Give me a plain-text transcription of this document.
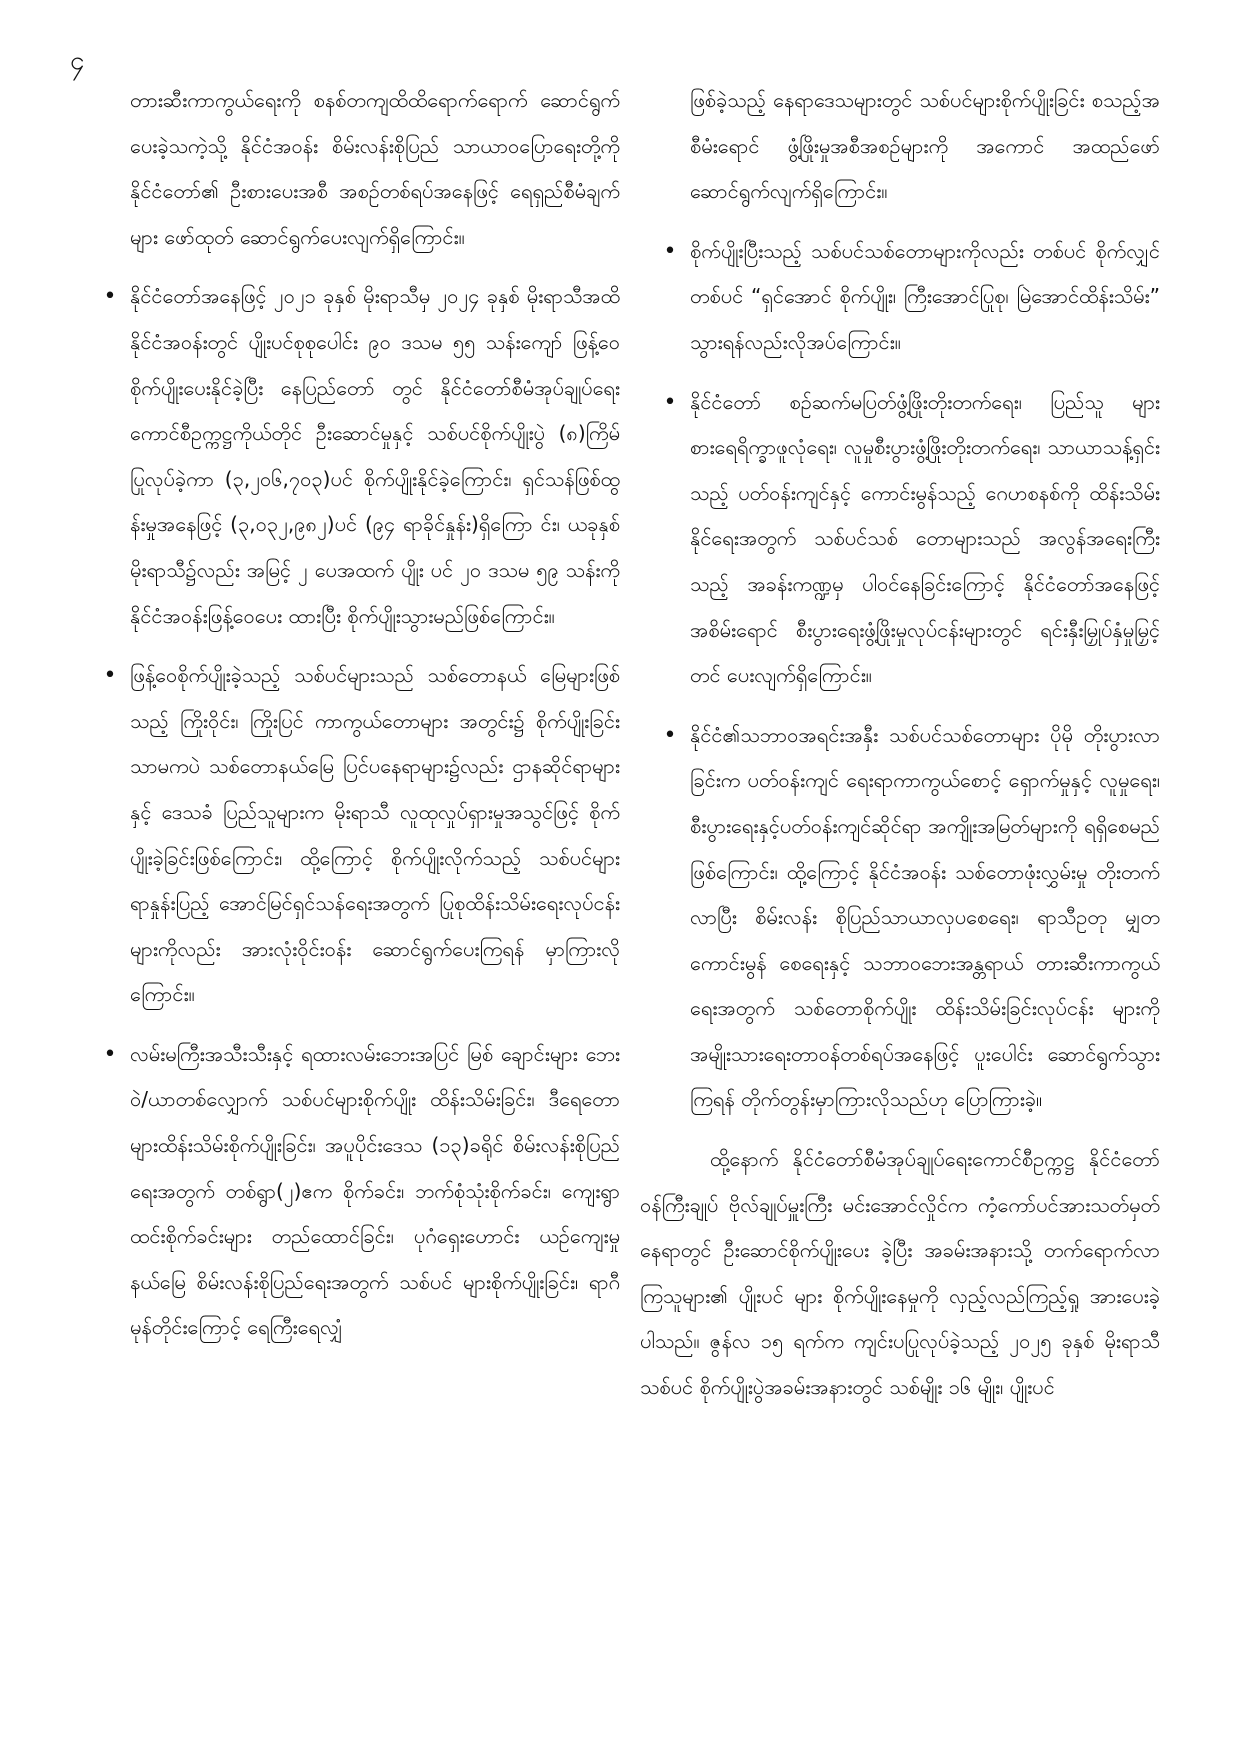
၄

တားဆီးကာကွယ်ရေးကို စနစ်တကျထိထိရောက်ရောက် ဆောင်ရွက်ပေးခဲ့သကဲ့သို့ နိုင်ငံအဝန်း စိမ်းလန်းစိုပြည် သာယာဝပြောရေးတို့ကို နိုင်ငံတော်၏ ဦးစားပေးအစီ အစဉ်တစ်ရပ်အနေဖြင့် ရေရှည်စီမံချက်များ ဖော်ထုတ် ဆောင်ရွက်ပေးလျက်ရှိကြောင်း။

• နိုင်ငံတော်အနေဖြင့် ၂၀၂၁ ခုနှစ် မိုးရာသီမှ ၂၀၂၄ ခုနှစ် မိုးရာသီအထိ နိုင်ငံအဝန်းတွင် ပျိုးပင်စုစုပေါင်း ၉၀ ဒသမ ၅၅ သန်းကျော် ဖြန့်ဝေစိုက်ပျိုးပေးနိုင်ခဲ့ပြီး နေပြည်တော် တွင် နိုင်ငံတော်စီမံအုပ်ချုပ်ရေးကောင်စီဥက္ကဋ္ဌကိုယ်တိုင် ဦးဆောင်မှုနှင့် သစ်ပင်စိုက်ပျိုးပွဲ (၈)ကြိမ် ပြုလုပ်ခဲ့ကာ (၃,၂၀၆,၇၀၃)ပင် စိုက်ပျိုးနိုင်ခဲ့ကြောင်း၊ ရှင်သန်ဖြစ်ထွ န်းမှုအနေဖြင့် (၃,၀၃၂,၉၈၂)ပင် (၉၄ ရာခိုင်နှုန်း)ရှိကြော င်း၊ ယခုနှစ်မိုးရာသီ၌လည်း အမြင့် ၂ ပေအထက် ပျိုး ပင် ၂၀ ဒသမ ၅၉ သန်းကို နိုင်ငံအဝန်းဖြန့်ဝေပေး ထားပြီး စိုက်ပျိုးသွားမည်ဖြစ်ကြောင်း။

• ဖြန့်ဝေစိုက်ပျိုးခဲ့သည့် သစ်ပင်များသည် သစ်တောနယ် မြေများဖြစ်သည့် ကြိုးဝိုင်း၊ ကြိုးပြင် ကာကွယ်တောများ အတွင်း၌ စိုက်ပျိုးခြင်းသာမကပဲ သစ်တောနယ်မြေ ပြင်ပနေရာများ၌လည်း ဌာနဆိုင်ရာများနှင့် ဒေသခံ ပြည်သူများက မိုးရာသီ လူထုလှုပ်ရှားမှုအသွင်ဖြင့် စိုက် ပျိုးခဲ့ခြင်းဖြစ်ကြောင်း၊ ထို့ကြောင့် စိုက်ပျိုးလိုက်သည့် သစ်ပင်များ ရာနှုန်းပြည့် အောင်မြင်ရှင်သန်ရေးအတွက် ပြုစုထိန်းသိမ်းရေးလုပ်ငန်းများကိုလည်း အားလုံးဝိုင်းဝန်း ဆောင်ရွက်ပေးကြရန် မှာကြားလိုကြောင်း။

• လမ်းမကြီးအသီးသီးနှင့် ရထားလမ်းဘေးအပြင် မြစ် ချောင်းများ ဘေးဝဲ/ယာတစ်လျှောက် သစ်ပင်များစိုက်ပျိုး ထိန်းသိမ်းခြင်း၊ ဒီရေတောများထိန်းသိမ်းစိုက်ပျိုးခြင်း၊ အပူပိုင်းဒေသ (၁၃)ခရိုင် စိမ်းလန်းစိုပြည်ရေးအတွက် တစ်ရွာ(၂)ဧက စိုက်ခင်း၊ ဘက်စုံသုံးစိုက်ခင်း၊ ကျေးရွာ ထင်းစိုက်ခင်းများ တည်ထောင်ခြင်း၊ ပုဂံရှေးဟောင်း ယဉ်ကျေးမှုနယ်မြေ စိမ်းလန်းစိုပြည်ရေးအတွက် သစ်ပင် များစိုက်ပျိုးခြင်း၊ ရာဂီမုန်တိုင်းကြောင့် ရေကြီးရေလျှံ

ဖြစ်ခဲ့သည့် နေရာဒေသများတွင် သစ်ပင်များစိုက်ပျိုးခြင်း စသည့်အစီမံးရောင် ဖွံ့ဖြိုးမှုအစီအစဉ်များကို အကောင် အထည်ဖော် ဆောင်ရွက်လျက်ရှိကြောင်း။

• စိုက်ပျိုးပြီးသည့် သစ်ပင်သစ်တောများကိုလည်း တစ်ပင် စိုက်လျှင် တစ်ပင် “ရှင်အောင် စိုက်ပျိုး၊ ကြီးအောင်ပြုစု၊ မြဲအောင်ထိန်းသိမ်း” သွားရန်လည်းလိုအပ်ကြောင်း။

• နိုင်ငံတော် စဉ်ဆက်မပြတ်ဖွံ့ဖြိုးတိုးတက်ရေး၊ ပြည်သူ များစားရေရိက္ခာဖူလုံရေး၊ လူမှုစီးပွားဖွံ့ဖြိုးတိုးတက်ရေး၊ သာယာသန့်ရှင်းသည့် ပတ်ဝန်းကျင်နှင့် ကောင်းမွန်သည့် ဂေဟစနစ်ကို ထိန်းသိမ်းနိုင်ရေးအတွက် သစ်ပင်သစ် တောများသည် အလွန်အရေးကြီးသည့် အခန်းကဏ္ဍမှ ပါဝင်နေခြင်းကြောင့် နိုင်ငံတော်အနေဖြင့် အစိမ်းရောင် စီးပွားရေးဖွံ့ဖြိုးမှုလုပ်ငန်းများတွင် ရင်းနှီးမြှုပ်နှံမှုမြှင့်တင် ပေးလျက်ရှိကြောင်း။

• နိုင်ငံ၏သဘာဝအရင်းအနှီး သစ်ပင်သစ်တောများ ပိုမို တိုးပွားလာခြင်းက ပတ်ဝန်းကျင် ရေးရာကာကွယ်စောင့် ရှောက်မှုနှင့် လူမှုရေး၊ စီးပွားရေးနှင့်ပတ်ဝန်းကျင်ဆိုင်ရာ အကျိုးအမြတ်များကို ရရှိစေမည်ဖြစ်ကြောင်း၊ ထို့ကြောင့် နိုင်ငံအဝန်း သစ်တောဖုံးလွှမ်းမှု တိုးတက်လာပြီး စိမ်းလန်း စိုပြည်သာယာလှပစေရေး၊ ရာသီဥတု မျှတကောင်းမွန် စေရေးနှင့် သဘာဝဘေးအန္တရာယ် တားဆီးကာကွယ် ရေးအတွက် သစ်တောစိုက်ပျိုး ထိန်းသိမ်းခြင်းလုပ်ငန်း များကို အမျိုးသားရေးတာဝန်တစ်ရပ်အနေဖြင့် ပူးပေါင်း ဆောင်ရွက်သွားကြရန် တိုက်တွန်းမှာကြားလိုသည်ဟု ပြောကြားခဲ့။

ထို့နောက် နိုင်ငံတော်စီမံအုပ်ချုပ်ရေးကောင်စီဥက္ကဋ္ဌ နိုင်ငံတော်ဝန်ကြီးချုပ် ဗိုလ်ချုပ်မှူးကြီး မင်းအောင်လှိုင်က ကံ့ကော်ပင်အားသတ်မှတ်နေရာတွင် ဦးဆောင်စိုက်ပျိုးပေး ခဲ့ပြီး အခမ်းအနားသို့ တက်ရောက်လာကြသူများ၏ ပျိုးပင် များ စိုက်ပျိုးနေမှုကို လှည့်လည်ကြည့်ရှု အားပေးခဲ့ပါသည်။ ဇွန်လ ၁၅ ရက်က ကျင်းပပြုလုပ်ခဲ့သည့် ၂၀၂၅ ခုနှစ် မိုးရာသီ သစ်ပင် စိုက်ပျိုးပွဲအခမ်းအနားတွင် သစ်မျိုး ၁၆ မျိုး၊ ပျိုးပင်
